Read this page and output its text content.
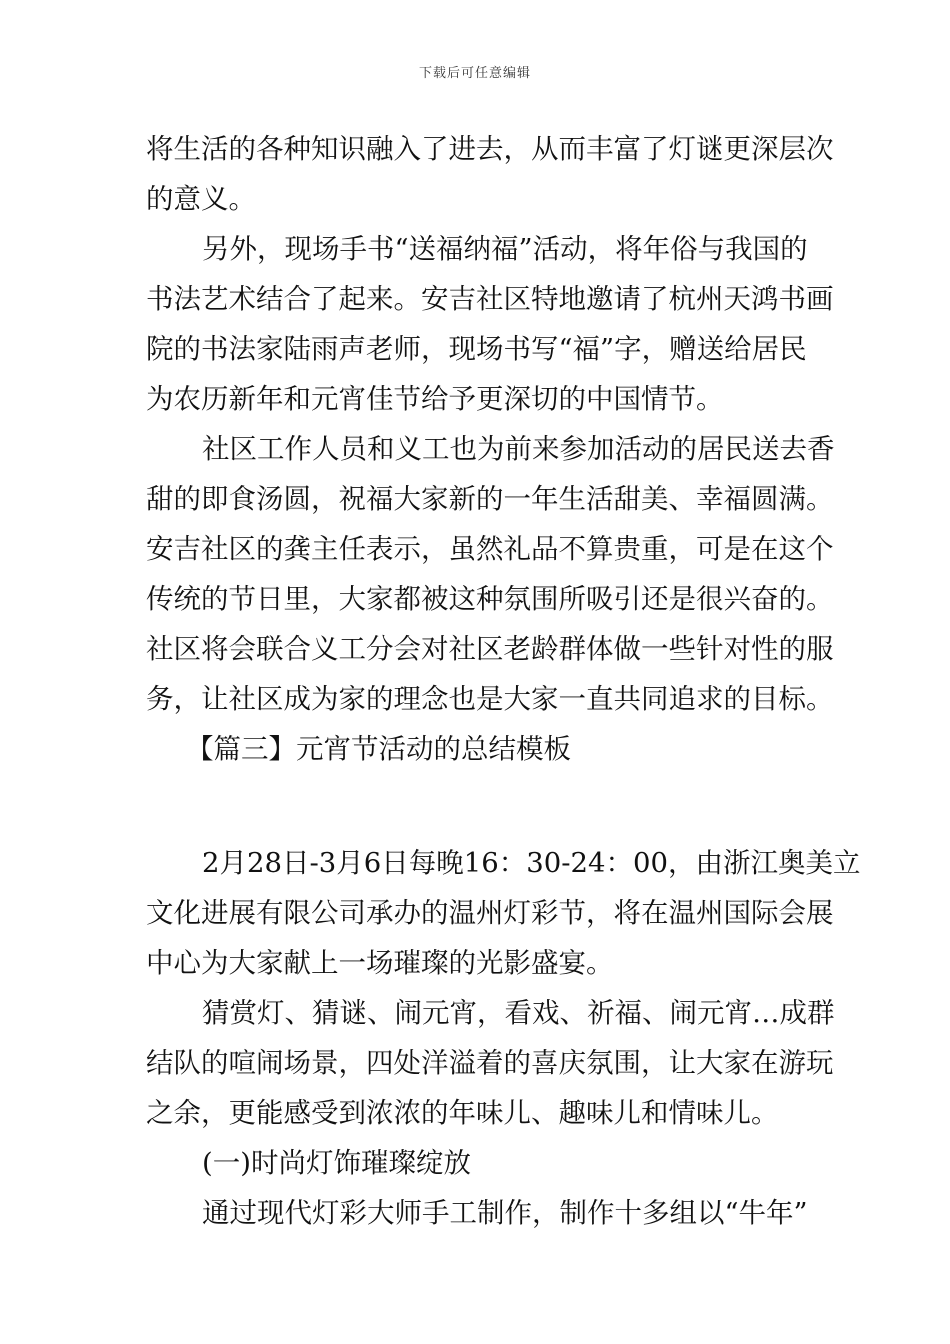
下载后可任意编辑
将生活的各种知识融入了进去，从而丰富了灯谜更深层次
的意义。
另外，现场手书“送福纳福”活动，将年俗与我国的
书法艺术结合了起来。安吉社区特地邀请了杭州天鸿书画
院的书法家陆雨声老师，现场书写“福”字，赠送给居民
为农历新年和元宵佳节给予更深切的中国情节。
社区工作人员和义工也为前来参加活动的居民送去香
甜的即食汤圆，祝福大家新的一年生活甜美、幸福圆满。
安吉社区的龚主任表示，虽然礼品不算贵重，可是在这个
传统的节日里，大家都被这种氛围所吸引还是很兴奋的。
社区将会联合义工分会对社区老龄群体做一些针对性的服
务，让社区成为家的理念也是大家一直共同追求的目标。
【篇三】元宵节活动的总结模板
2月28日-3月6日每晚16：30-24：00，由浙江奥美立
文化进展有限公司承办的温州灯彩节，将在温州国际会展
中心为大家献上一场璀璨的光影盛宴。
猜赏灯、猜谜、闹元宵，看戏、祈福、闹元宵…成群
结队的喧闹场景，四处洋溢着的喜庆氛围，让大家在游玩
之余，更能感受到浓浓的年味儿、趣味儿和情味儿。
(一)时尚灯饰璀璨绽放
通过现代灯彩大师手工制作，制作十多组以“牛年”
